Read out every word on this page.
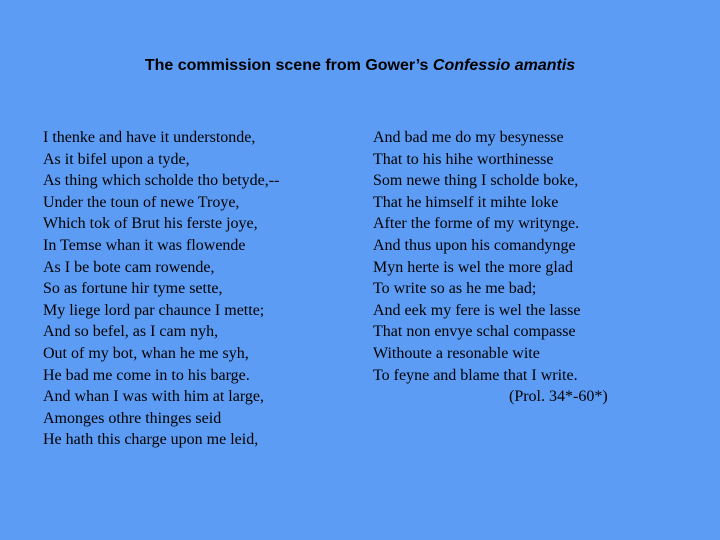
The commission scene from Gower’s Confessio amantis
I thenke and have it understonde,
As it bifel upon a tyde,
As thing which scholde tho betyde,--
Under the toun of newe Troye,
Which tok of Brut his ferste joye,
In Temse whan it was flowende
As I be bote cam rowende,
So as fortune hir tyme sette,
My liege lord par chaunce I mette;
And so befel, as I cam nyh,
Out of my bot, whan he me syh,
He bad me come in to his barge.
And whan I was with him at large,
Amonges othre thinges seid
He hath this charge upon me leid,
And bad me do my besynesse
That to his hihe worthinesse
Som newe thing I scholde boke,
That he himself it mihte loke
After the forme of my writynge.
And thus upon his comandynge
Myn herte is wel the more glad
To write so as he me bad;
And eek my fere is wel the lasse
That non envye schal compasse
Withoute a resonable wite
To feyne and blame that I write.
(Prol. 34*-60*)
